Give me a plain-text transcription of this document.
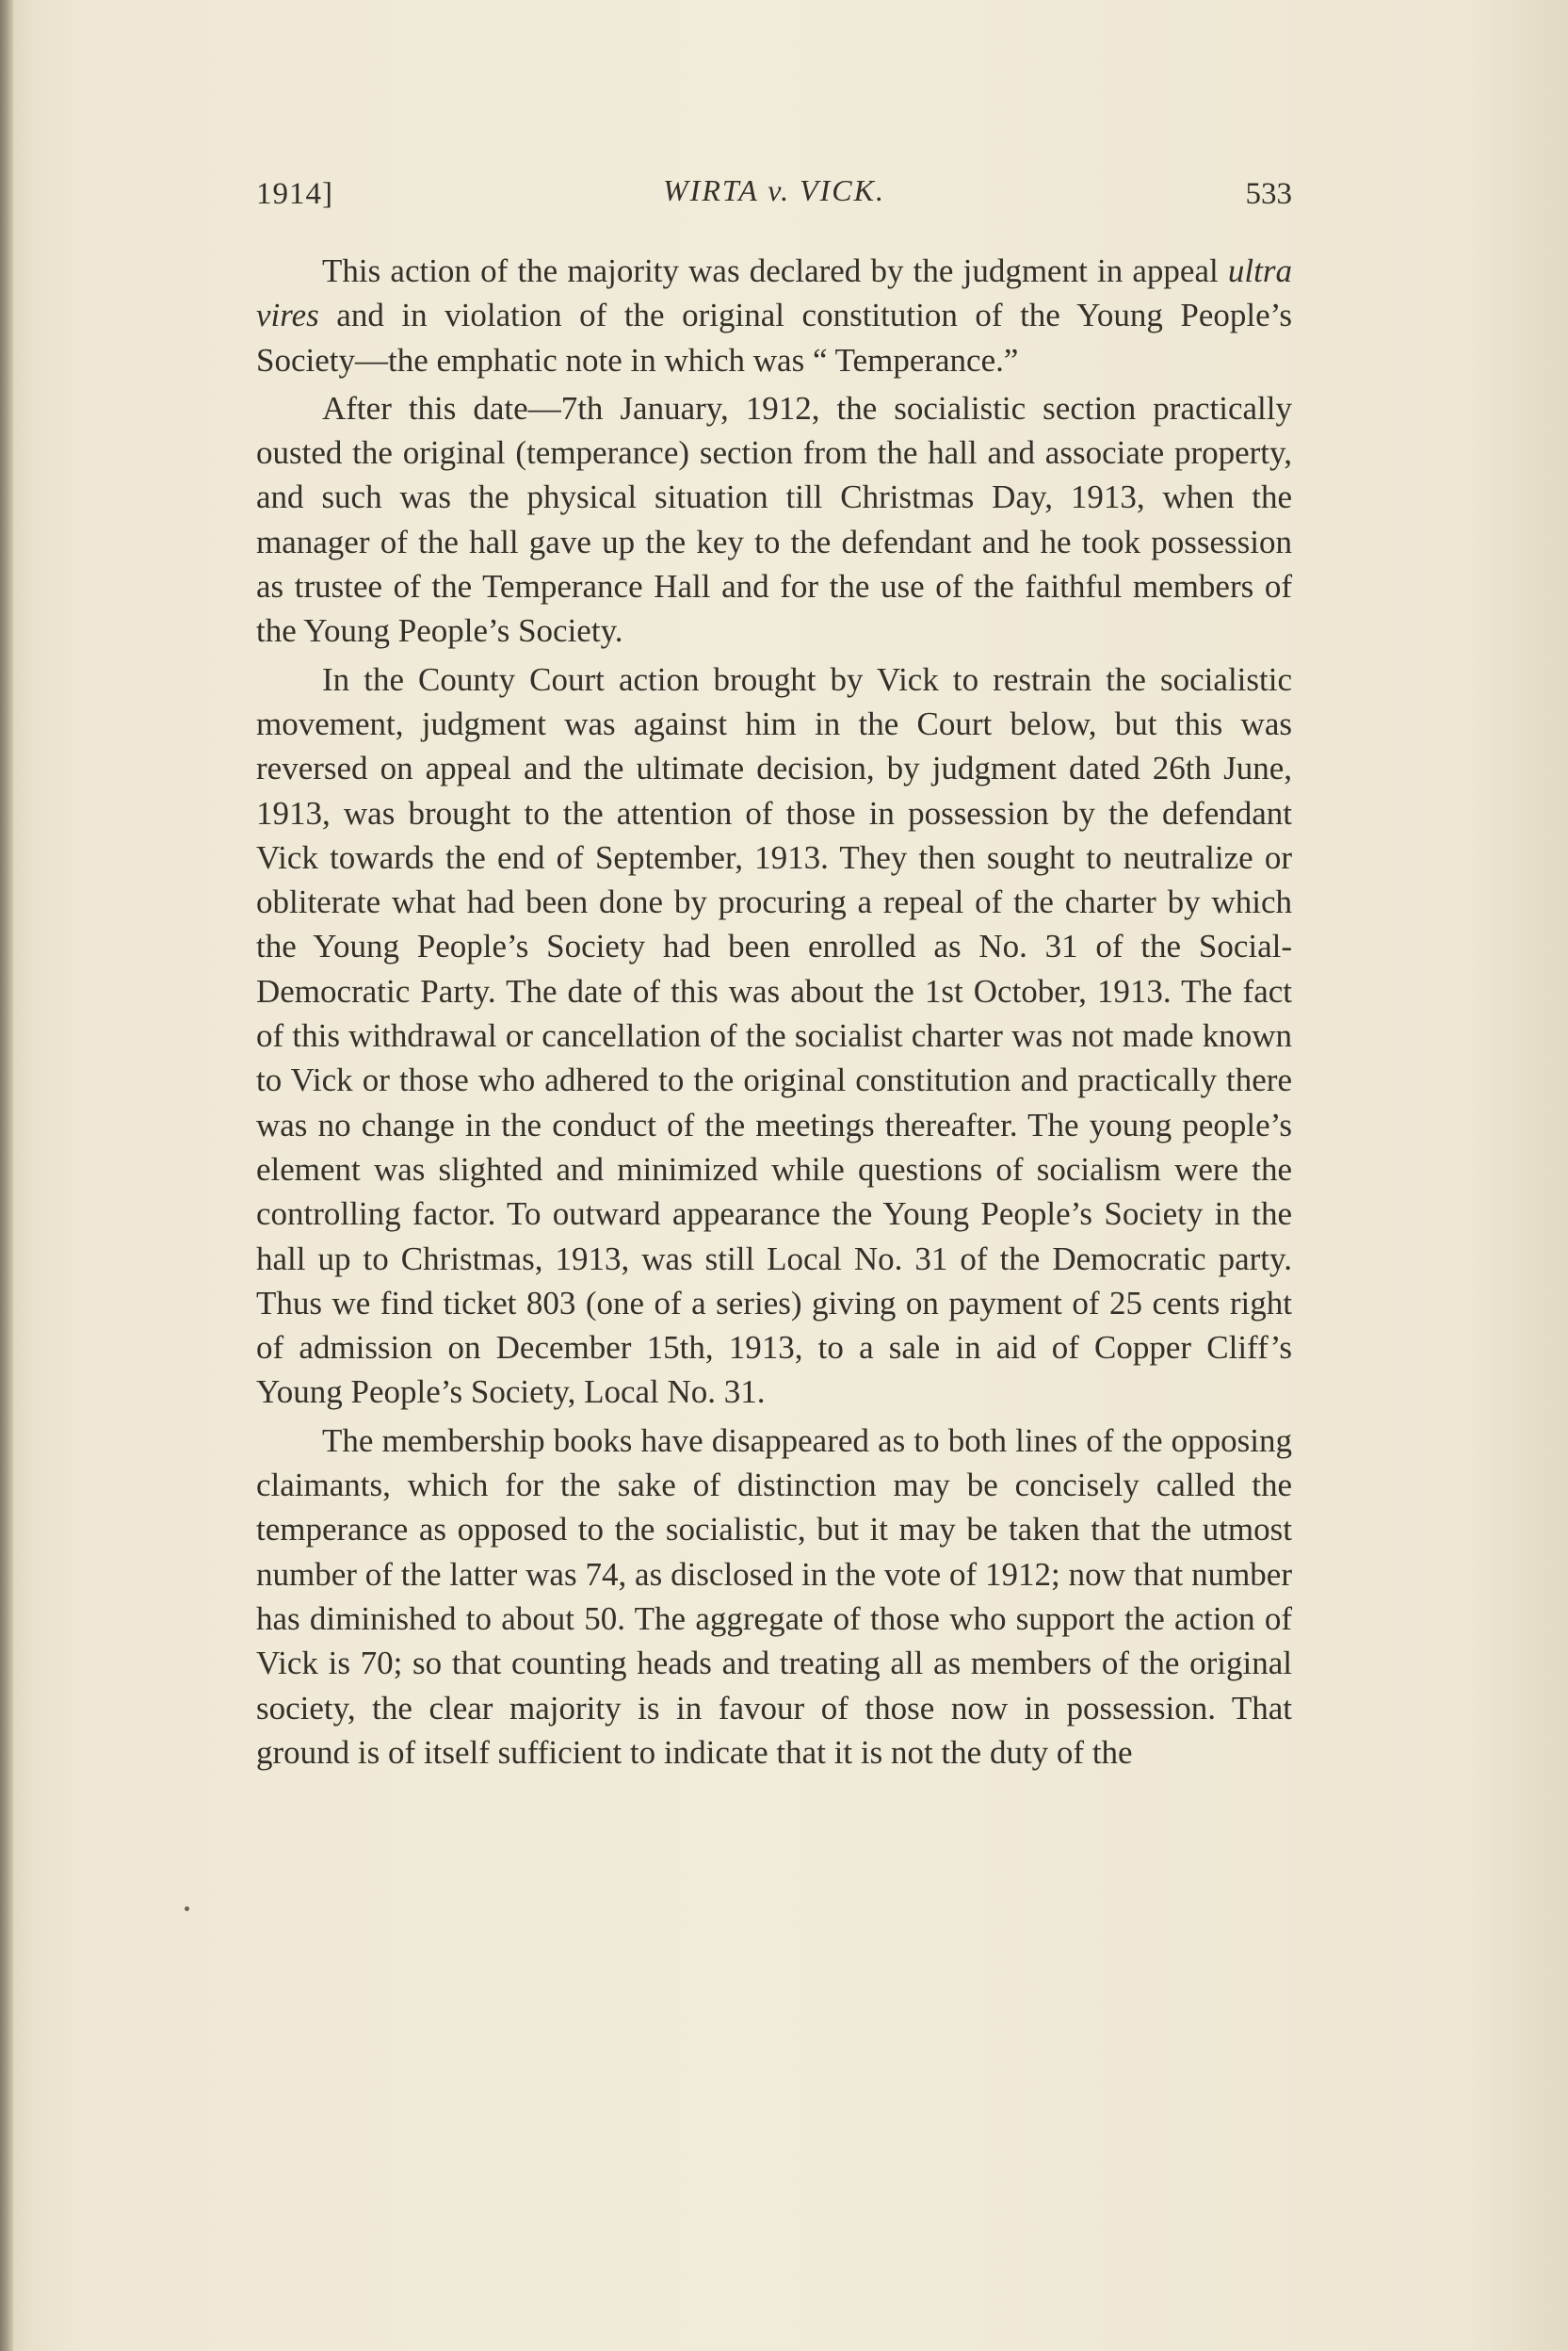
1914]	WIRTA v. VICK.	533

This action of the majority was declared by the judgment in appeal ultra vires and in violation of the original constitution of the Young People’s Society—the emphatic note in which was “ Temperance.”

After this date—7th January, 1912, the socialistic section practically ousted the original (temperance) section from the hall and associate property, and such was the physical situation till Christmas Day, 1913, when the manager of the hall gave up the key to the defendant and he took possession as trustee of the Temperance Hall and for the use of the faithful members of the Young People’s Society.

In the County Court action brought by Vick to restrain the socialistic movement, judgment was against him in the Court below, but this was reversed on appeal and the ultimate decision, by judgment dated 26th June, 1913, was brought to the attention of those in possession by the defendant Vick towards the end of September, 1913. They then sought to neutralize or obliterate what had been done by procuring a repeal of the charter by which the Young People’s Society had been enrolled as No. 31 of the Social-Democratic Party. The date of this was about the 1st October, 1913. The fact of this withdrawal or cancellation of the socialist charter was not made known to Vick or those who adhered to the original constitution and practically there was no change in the conduct of the meetings thereafter. The young people’s element was slighted and minimized while questions of socialism were the controlling factor. To outward appearance the Young People’s Society in the hall up to Christmas, 1913, was still Local No. 31 of the Democratic party. Thus we find ticket 803 (one of a series) giving on payment of 25 cents right of admission on December 15th, 1913, to a sale in aid of Copper Cliff’s Young People’s Society, Local No. 31.

The membership books have disappeared as to both lines of the opposing claimants, which for the sake of distinction may be concisely called the temperance as opposed to the socialistic, but it may be taken that the utmost number of the latter was 74, as disclosed in the vote of 1912; now that number has diminished to about 50. The aggregate of those who support the action of Vick is 70; so that counting heads and treating all as members of the original society, the clear majority is in favour of those now in possession. That ground is of itself sufficient to indicate that it is not the duty of the
